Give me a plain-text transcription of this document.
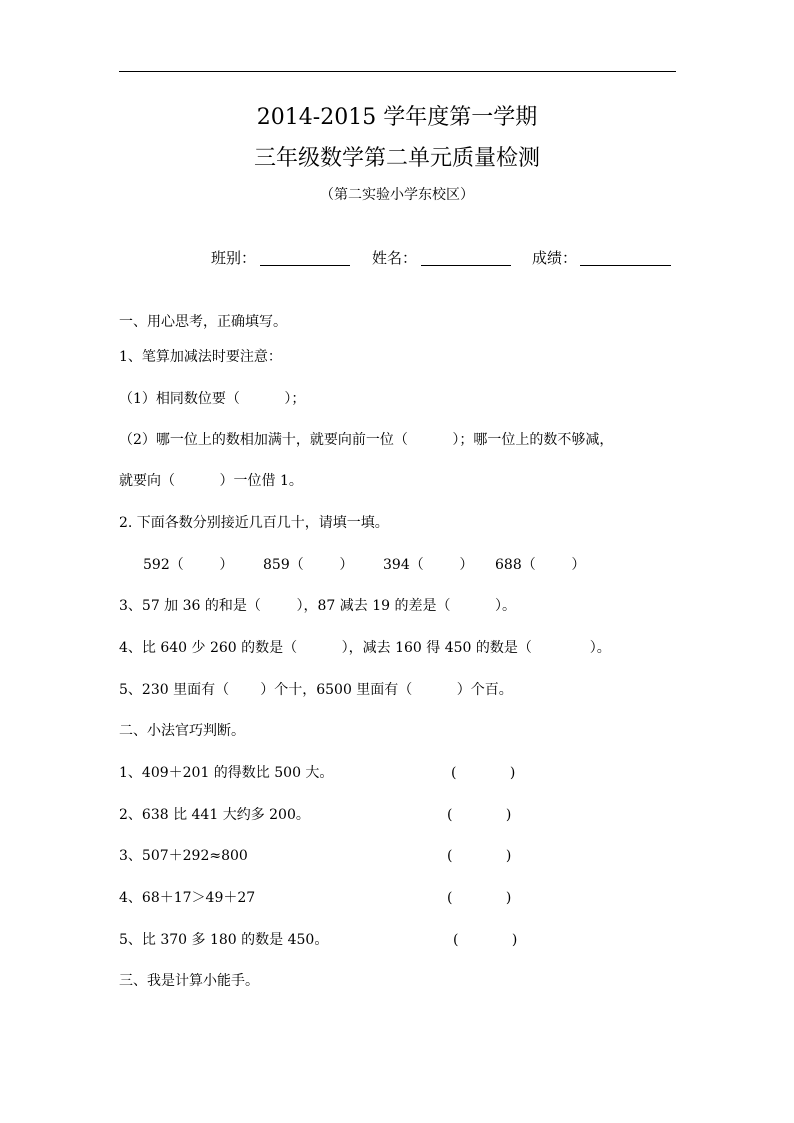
2014-2015 学年度第一学期
三年级数学第二单元质量检测
（第二实验小学东校区）
班别：	姓名：	成绩：
一、用心思考，正确填写。
1、笔算加减法时要注意：
（1）相同数位要（          ）；
（2）哪一位上的数相加满十，就要向前一位（          ）；哪一位上的数不够减，
就要向（          ）一位借 1。
2. 下面各数分别接近几百几十，请填一填。
592（        ） 859（        ） 394（        ） 688（        ）
3、57 加 36 的和是（        ），87 减去 19 的差是（          ）。
4、比 640 少 260 的数是（          ），减去 160 得 450 的数是（             ）。
5、230 里面有（       ）个十，6500 里面有（          ）个百。
二、小法官巧判断。
1、409＋201 的得数比 500 大。	(            )
2、638 比 441 大约多 200。	(            )
3、507＋292≈800	(            )
4、68＋17＞49＋27	(            )
5、比 370 多 180 的数是 450。	(            )
三、我是计算小能手。
